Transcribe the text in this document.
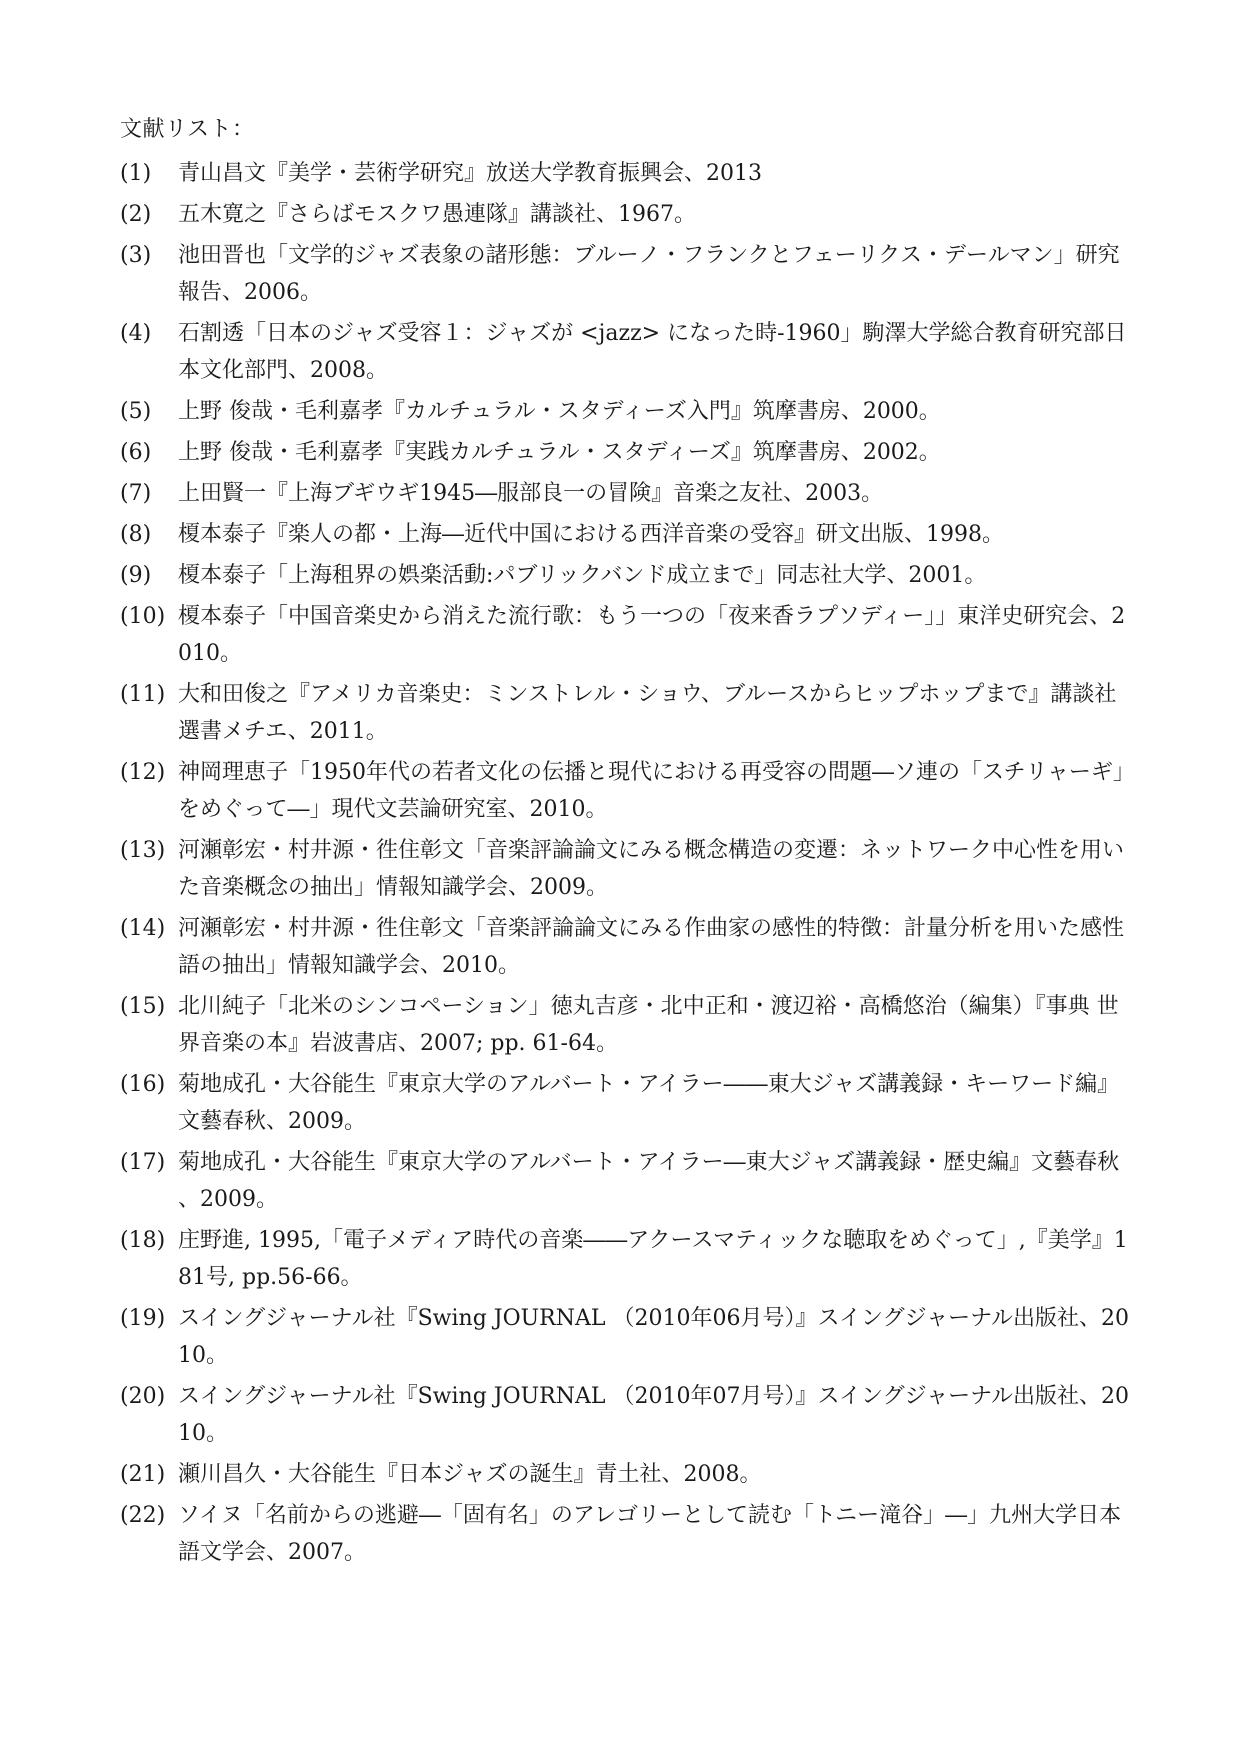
文献リスト：
(1)	青山昌文『美学・芸術学研究』放送大学教育振興会、2013
(2)	五木寛之『さらばモスクワ愚連隊』講談社、1967。
(3)	池田晋也「文学的ジャズ表象の諸形態：ブルーノ・フランクとフェーリクス・デールマン」研究報告、2006。
(4)	石割透「日本のジャズ受容１：ジャズが <jazz> になった時-1960」駒澤大学総合教育研究部日本文化部門、2008。
(5)	上野 俊哉・毛利嘉孝『カルチュラル・スタディーズ入門』筑摩書房、2000。
(6)	上野 俊哉・毛利嘉孝『実践カルチュラル・スタディーズ』筑摩書房、2002。
(7)	上田賢一『上海ブギウギ1945―服部良一の冒険』音楽之友社、2003。
(8)	榎本泰子『楽人の都・上海―近代中国における西洋音楽の受容』研文出版、1998。
(9)	榎本泰子「上海租界の娯楽活動:パブリックバンド成立まで」同志社大学、2001。
(10) 榎本泰子「中国音楽史から消えた流行歌：もう一つの「夜来香ラプソディー」」東洋史研究会、2010。
(11) 大和田俊之『アメリカ音楽史：ミンストレル・ショウ、ブルースからヒップホップまで』講談社選書メチエ、2011。
(12) 神岡理恵子「1950年代の若者文化の伝播と現代における再受容の問題―ソ連の「スチリャーギ」をめぐって―」現代文芸論研究室、2010。
(13) 河瀬彰宏・村井源・徃住彰文「音楽評論論文にみる概念構造の変遷：ネットワーク中心性を用いた音楽概念の抽出」情報知識学会、2009。
(14) 河瀬彰宏・村井源・徃住彰文「音楽評論論文にみる作曲家の感性的特徴：計量分析を用いた感性語の抽出」情報知識学会、2010。
(15) 北川純子「北米のシンコペーション」徳丸吉彦・北中正和・渡辺裕・高橋悠治（編集）『事典 世界音楽の本』岩波書店、2007; pp. 61-64。
(16) 菊地成孔・大谷能生『東京大学のアルバート・アイラー――東大ジャズ講義録・キーワード編』文藝春秋、2009。
(17) 菊地成孔・大谷能生『東京大学のアルバート・アイラー―東大ジャズ講義録・歴史編』文藝春秋、2009。
(18) 庄野進, 1995,「電子メディア時代の音楽――アクースマティックな聴取をめぐって」,『美学』181号, pp.56-66。
(19) スイングジャーナル社『Swing JOURNAL （2010年06月号）』スイングジャーナル出版社、2010。
(20) スイングジャーナル社『Swing JOURNAL （2010年07月号）』スイングジャーナル出版社、2010。
(21) 瀬川昌久・大谷能生『日本ジャズの誕生』青土社、2008。
(22) ソイヌ「名前からの逃避―「固有名」のアレゴリーとして読む「トニー滝谷」―」九州大学日本語文学会、2007。
